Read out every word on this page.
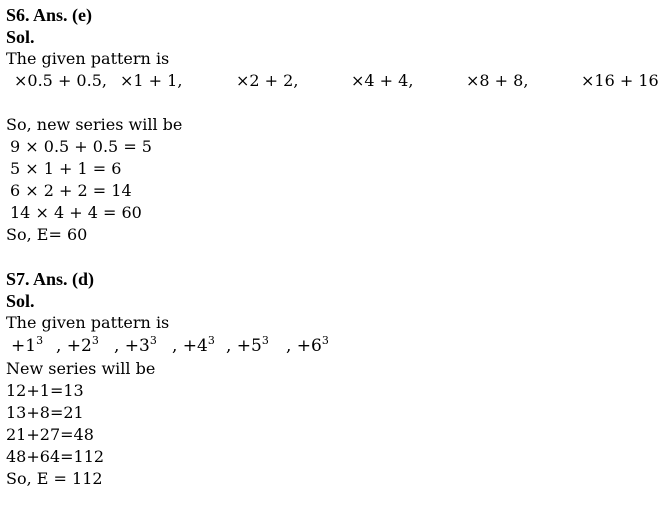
S6. Ans. (e)
Sol.
The given pattern is
×0.5 + 0.5, ×1 + 1,	×2 + 2,	×4 + 4,	×8 + 8,	×16 + 16
So, new series will be
9 × 0.5 + 0.5 = 5
5 × 1 + 1 = 6
6 × 2 + 2 = 14
14 × 4 + 4 = 60
So, E= 60
S7. Ans. (d)
Sol.
The given pattern is
$+1^3$ , $+2^3$ , $+3^3$ , $+4^3$ , $+5^3$ , $+6^3$
New series will be
12+1=13
13+8=21
21+27=48
48+64=112
So, E = 112
